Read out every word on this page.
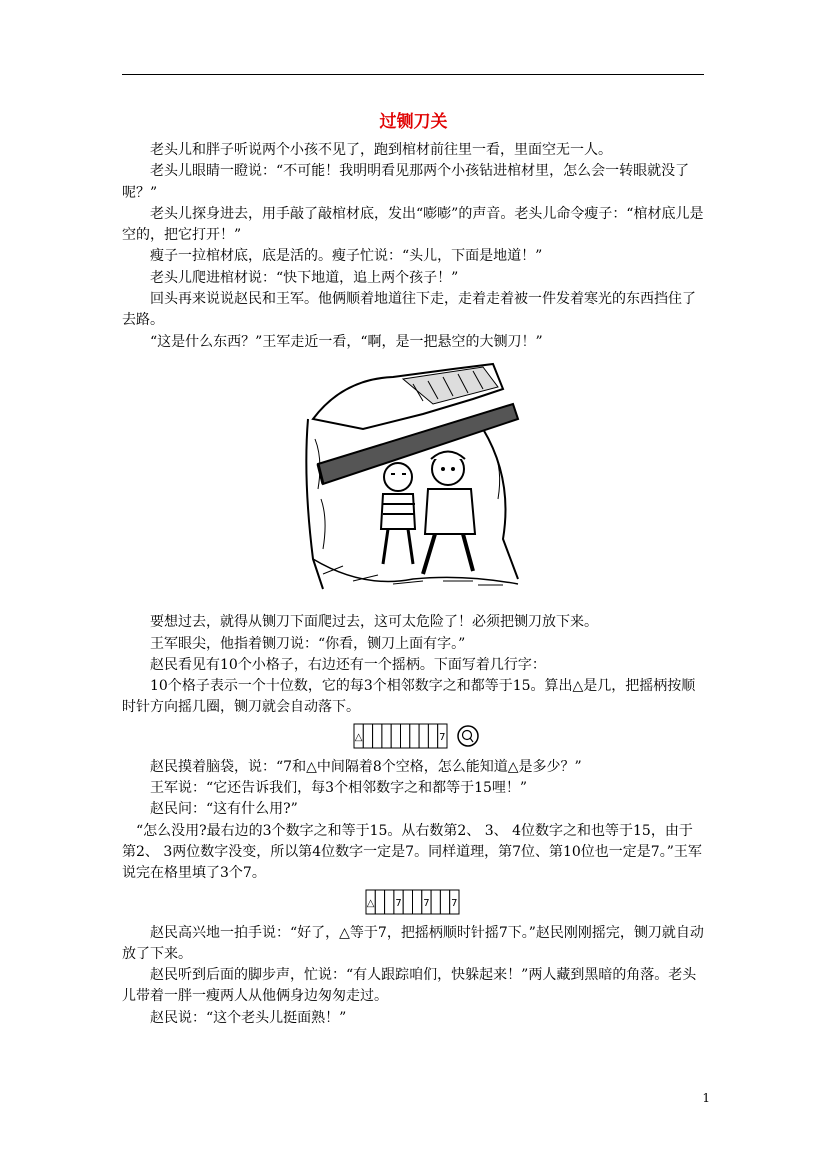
过铡刀关

老头儿和胖子听说两个小孩不见了，跑到棺材前往里一看，里面空无一人。

老头儿眼睛一瞪说：“不可能！我明明看见那两个小孩钻进棺材里，怎么会一转眼就没了呢？”

老头儿探身进去，用手敲了敲棺材底，发出“嘭嘭”的声音。老头儿命令瘦子：“棺材底儿是空的，把它打开！”

瘦子一拉棺材底，底是活的。瘦子忙说：“头儿，下面是地道！”

老头儿爬进棺材说：“快下地道，追上两个孩子！”

回头再来说说赵民和王军。他俩顺着地道往下走，走着走着被一件发着寒光的东西挡住了去路。

“这是什么东西？”王军走近一看，“啊，是一把悬空的大铡刀！”

要想过去，就得从铡刀下面爬过去，这可太危险了！必须把铡刀放下来。

王军眼尖，他指着铡刀说：“你看，铡刀上面有字。”

赵民看见有10个小格子，右边还有一个摇柄。下面写着几行字：

10个格子表示一个十位数，它的每3个相邻数字之和都等于15。算出△是几，把摇柄按顺时针方向摇几圈，铡刀就会自动落下。

△	7

赵民摸着脑袋，说：“7和△中间隔着8个空格，怎么能知道△是多少？”

王军说：“它还告诉我们，每3个相邻数字之和都等于15哩！”

赵民问：“这有什么用?”

“怎么没用?最右边的3个数字之和等于15。从右数第2、 3、 4位数字之和也等于15，由于第2、 3两位数字没变，所以第4位数字一定是7。同样道理，第7位、第10位也一定是7。”王军说完在格里填了3个7。

△ 7 7 7

赵民高兴地一拍手说：“好了，△等于7，把摇柄顺时针摇7下。”赵民刚刚摇完，铡刀就自动放了下来。

赵民听到后面的脚步声，忙说：“有人跟踪咱们，快躲起来！”两人藏到黑暗的角落。老头儿带着一胖一瘦两人从他俩身边匆匆走过。

赵民说：“这个老头儿挺面熟！”

1
